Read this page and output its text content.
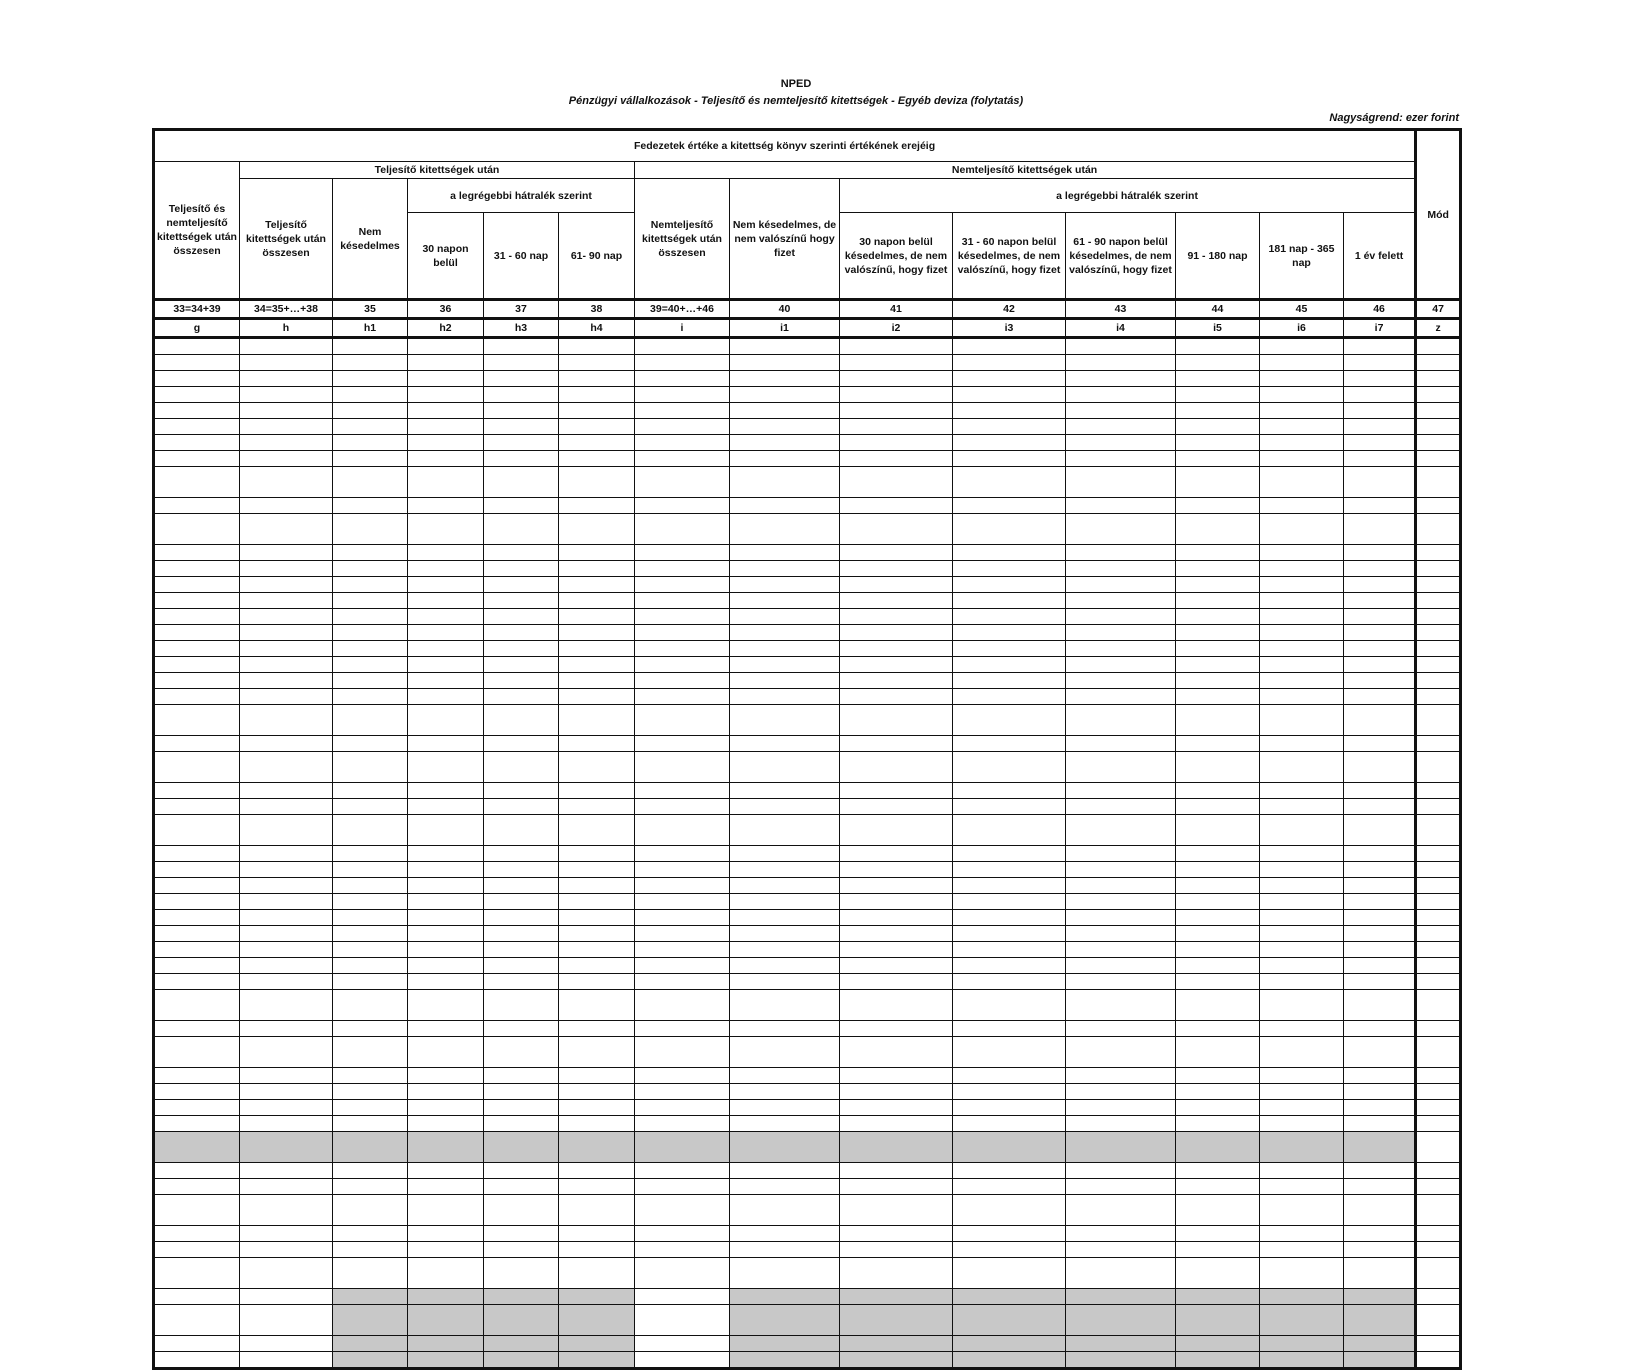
NPED
Pénzügyi vállalkozások - Teljesítő és nemteljesítő kitettségek - Egyéb deviza (folytatás)
Nagyságrend: ezer forint
Fedezetek értéke a kitettség könyv szerinti értékének erejéig														Mód
Teljesítő és nemteljesítő kitettségek után összesen	Teljesítő kitettségek után					Nemteljesítő kitettségek után								
	Teljesítő kitettségek után összesen	Nem késedelmes	a legrégebbi hátralék szerint			Nemteljesítő kitettségek után összesen	Nem késedelmes, de nem valószínű hogy fizet	a legrégebbi hátralék szerint						
			30 napon belül	31 - 60 nap	61- 90 nap			30 napon belül késedelmes, de nem valószínű, hogy fizet	31 - 60 napon belül késedelmes, de nem valószínű, hogy fizet	61 - 90 napon belül késedelmes, de nem valószínű, hogy fizet	91 - 180 nap	181 nap - 365 nap	1 év felett	
33=34+39	34=35+…+38	35	36	37	38	39=40+…+46	40	41	42	43	44	45	46	47
g	h	h1	h2	h3	h4	i	i1	i2	i3	i4	i5	i6	i7	z
